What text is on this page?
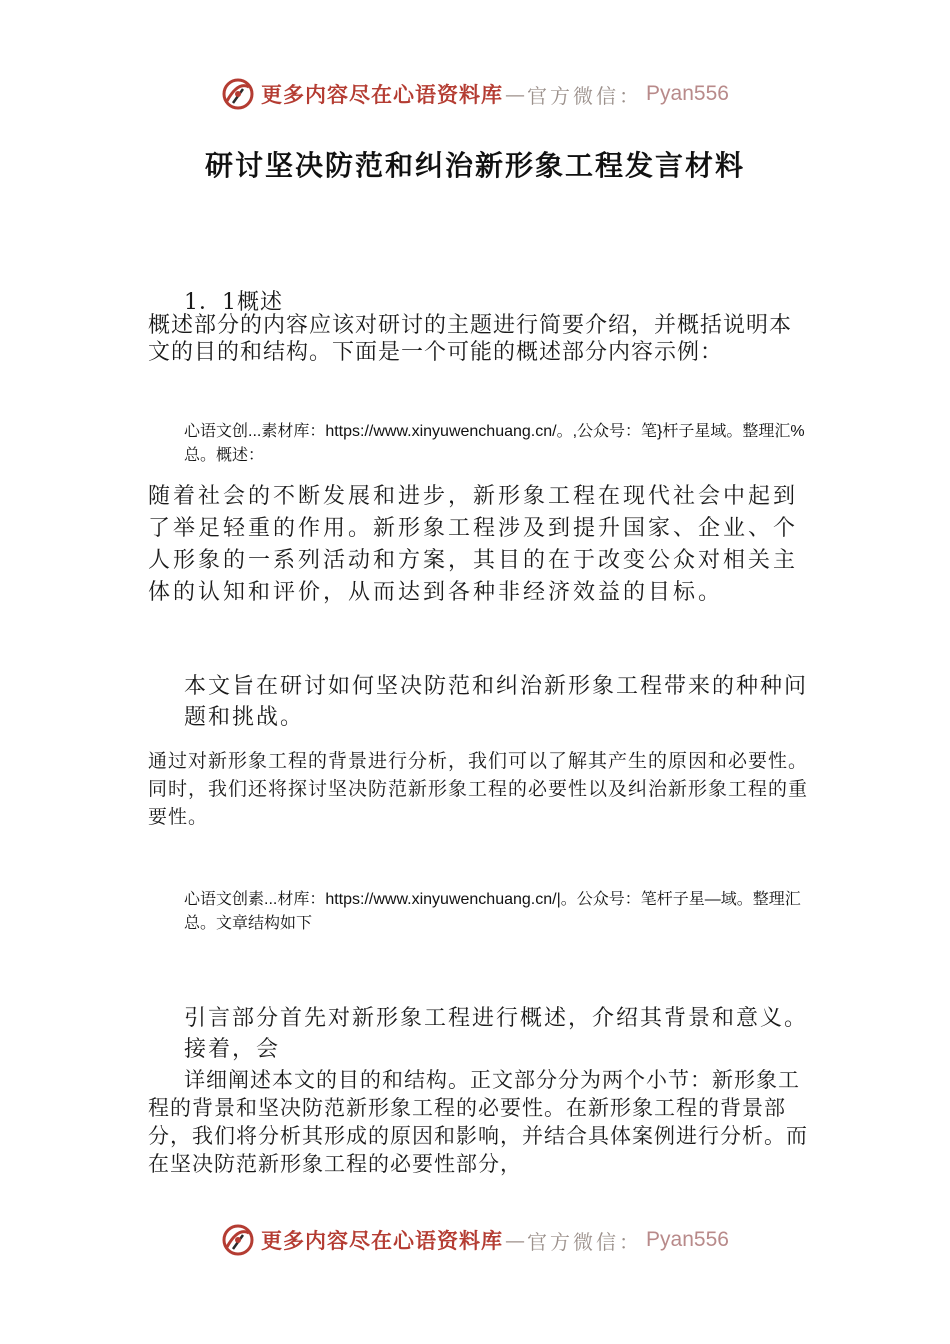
更多内容尽在心语资料库 — 官方微信： Pyan556
研讨坚决防范和纠治新形象工程发言材料

1．1概述

概述部分的内容应该对研讨的主题进行简要介绍，并概括说明本文的目的和结构。下面是一个可能的概述部分内容示例：

心语文创...素材库：https://www.xinyuwenchuang.cn/。,公众号：笔}杆子星域。整理汇%总。概述：

随着社会的不断发展和进步，新形象工程在现代社会中起到了举足轻重的作用。新形象工程涉及到提升国家、企业、个人形象的一系列活动和方案，其目的在于改变公众对相关主体的认知和评价，从而达到各种非经济效益的目标。

本文旨在研讨如何坚决防范和纠治新形象工程带来的种种问题和挑战。

通过对新形象工程的背景进行分析，我们可以了解其产生的原因和必要性。同时，我们还将探讨坚决防范新形象工程的必要性以及纠治新形象工程的重要性。

心语文创素...材库：https://www.xinyuwenchuang.cn/|。公众号：笔杆子星—域。整理汇总。文章结构如下

引言部分首先对新形象工程进行概述，介绍其背景和意义。接着，会

详细阐述本文的目的和结构。正文部分分为两个小节：新形象工程的背景和坚决防范新形象工程的必要性。在新形象工程的背景部分，我们将分析其形成的原因和影响，并结合具体案例进行分析。而在坚决防范新形象工程的必要性部分，

更多内容尽在心语资料库 — 官方微信： Pyan556
